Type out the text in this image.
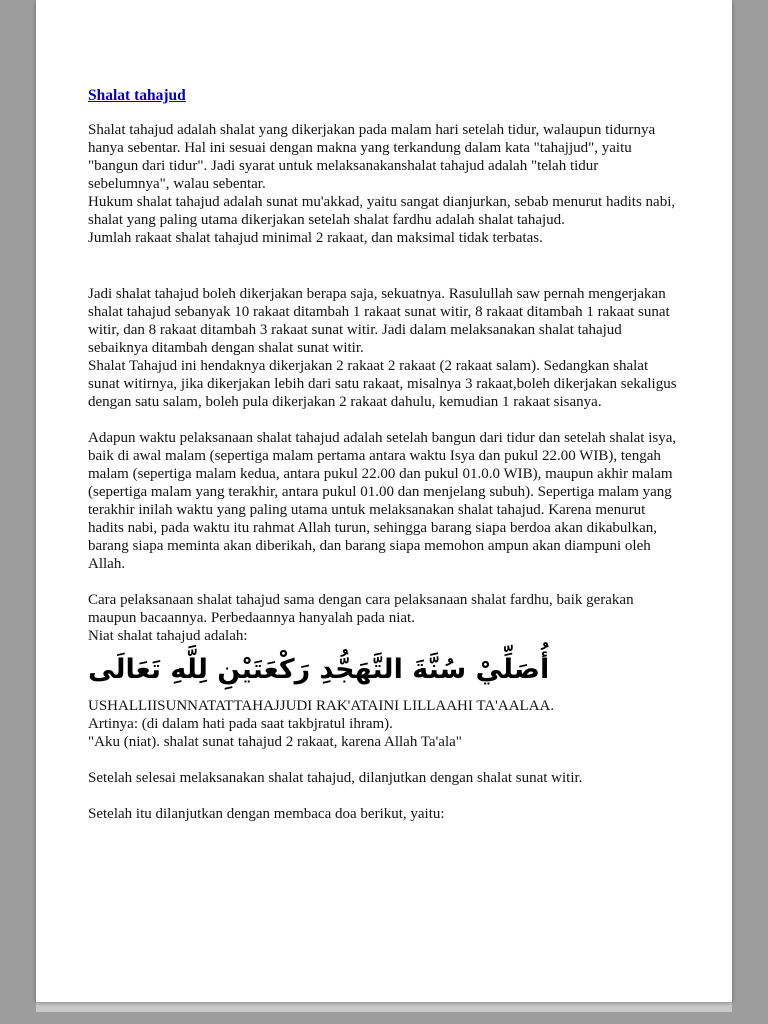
Shalat tahajud

Shalat tahajud adalah shalat yang dikerjakan pada malam hari setelah tidur, walaupun tidurnya hanya sebentar. Hal ini sesuai dengan makna yang terkandung dalam kata "tahajjud", yaitu "bangun dari tidur". Jadi syarat untuk melaksanakanshalat tahajud adalah "telah tidur sebelumnya", walau sebentar.

Hukum shalat tahajud adalah sunat mu'akkad, yaitu sangat dianjurkan, sebab menurut hadits nabi, shalat yang paling utama dikerjakan setelah shalat fardhu adalah shalat tahajud.

Jumlah rakaat shalat tahajud minimal 2 rakaat, dan maksimal tidak terbatas.

Jadi shalat tahajud boleh dikerjakan berapa saja, sekuatnya. Rasulullah saw pernah mengerjakan shalat tahajud sebanyak 10 rakaat ditambah 1 rakaat sunat witir, 8 rakaat ditambah 1 rakaat sunat witir, dan 8 rakaat ditambah 3 rakaat sunat witir. Jadi dalam melaksanakan shalat tahajud sebaiknya ditambah dengan shalat sunat witir.

Shalat Tahajud ini hendaknya dikerjakan 2 rakaat 2 rakaat (2 rakaat salam). Sedangkan shalat sunat witirnya, jika dikerjakan lebih dari satu rakaat, misalnya 3 rakaat,boleh dikerjakan sekaligus dengan satu salam, boleh pula dikerjakan 2 rakaat dahulu, kemudian 1 rakaat sisanya.

Adapun waktu pelaksanaan shalat tahajud adalah setelah bangun dari tidur dan setelah shalat isya, baik di awal malam (sepertiga malam pertama antara waktu Isya dan pukul 22.00 WIB), tengah malam (sepertiga malam kedua, antara pukul 22.00 dan pukul 01.0.0 WIB), maupun akhir malam (sepertiga malam yang terakhir, antara pukul 01.00 dan menjelang subuh). Sepertiga malam yang terakhir inilah waktu yang paling utama untuk melaksanakan shalat tahajud. Karena menurut hadits nabi, pada waktu itu rahmat Allah turun, sehingga barang siapa berdoa akan dikabulkan, barang siapa meminta akan diberikah, dan barang siapa memohon ampun akan diampuni oleh Allah.

Cara pelaksanaan shalat tahajud sama dengan cara pelaksanaan shalat fardhu, baik gerakan maupun bacaannya. Perbedaannya hanyalah pada niat.

Niat shalat tahajud adalah:

أُصَلِّيْ سُنَّةَ التَّهَجُّدِ رَكْعَتَيْنِ لِلَّهِ تَعَالَى

USHALLIISUNNATATTAHAJJUDI RAK'ATAINI LILLAAHI TA'AALAA.

Artinya: (di dalam hati pada saat takbjratul ihram).

"Aku (niat). shalat sunat tahajud 2 rakaat, karena Allah Ta'ala"

Setelah selesai melaksanakan shalat tahajud, dilanjutkan dengan shalat sunat witir.

Setelah itu dilanjutkan dengan membaca doa berikut, yaitu:
